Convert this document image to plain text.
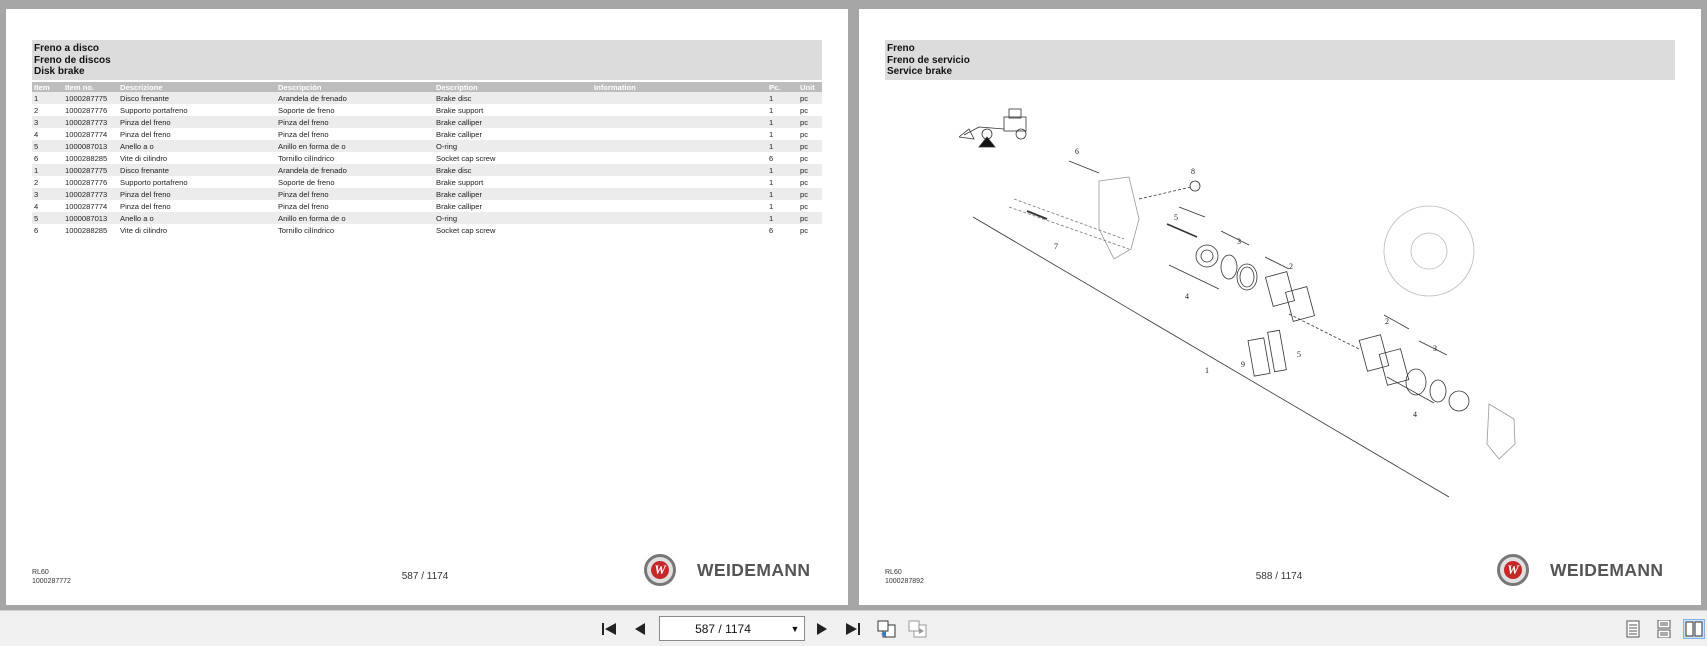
Freno a disco
Freno de discos
Disk brake
Item	Item no.	Descrizione	Descripción	Description	Information	Pc.	Unit
1	1000287775	Disco frenante	Arandela de frenado	Brake disc		1	pc
2	1000287776	Supporto portafreno	Soporte de freno	Brake support		1	pc
3	1000287773	Pinza del freno	Pinza del freno	Brake calliper		1	pc
4	1000287774	Pinza del freno	Pinza del freno	Brake calliper		1	pc
5	1000087013	Anello a o	Anillo en forma de o	O-ring		1	pc
6	1000288285	Vite di cilindro	Tornillo cilíndrico	Socket cap screw		6	pc
1	1000287775	Disco frenante	Arandela de frenado	Brake disc		1	pc
2	1000287776	Supporto portafreno	Soporte de freno	Brake support		1	pc
3	1000287773	Pinza del freno	Pinza del freno	Brake calliper		1	pc
4	1000287774	Pinza del freno	Pinza del freno	Brake calliper		1	pc
5	1000087013	Anello a o	Anillo en forma de o	O-ring		1	pc
6	1000288285	Vite di cilindro	Tornillo cilíndrico	Socket cap screw		6	pc
RL60
1000287772	587 / 1174	W WEIDEMANN
Freno
Freno de servicio
Service brake
6
8
5
3
2
7
4
1
9
5
2
3
4
RL60
1000287892	588 / 1174	W WEIDEMANN
587 / 1174	▼
